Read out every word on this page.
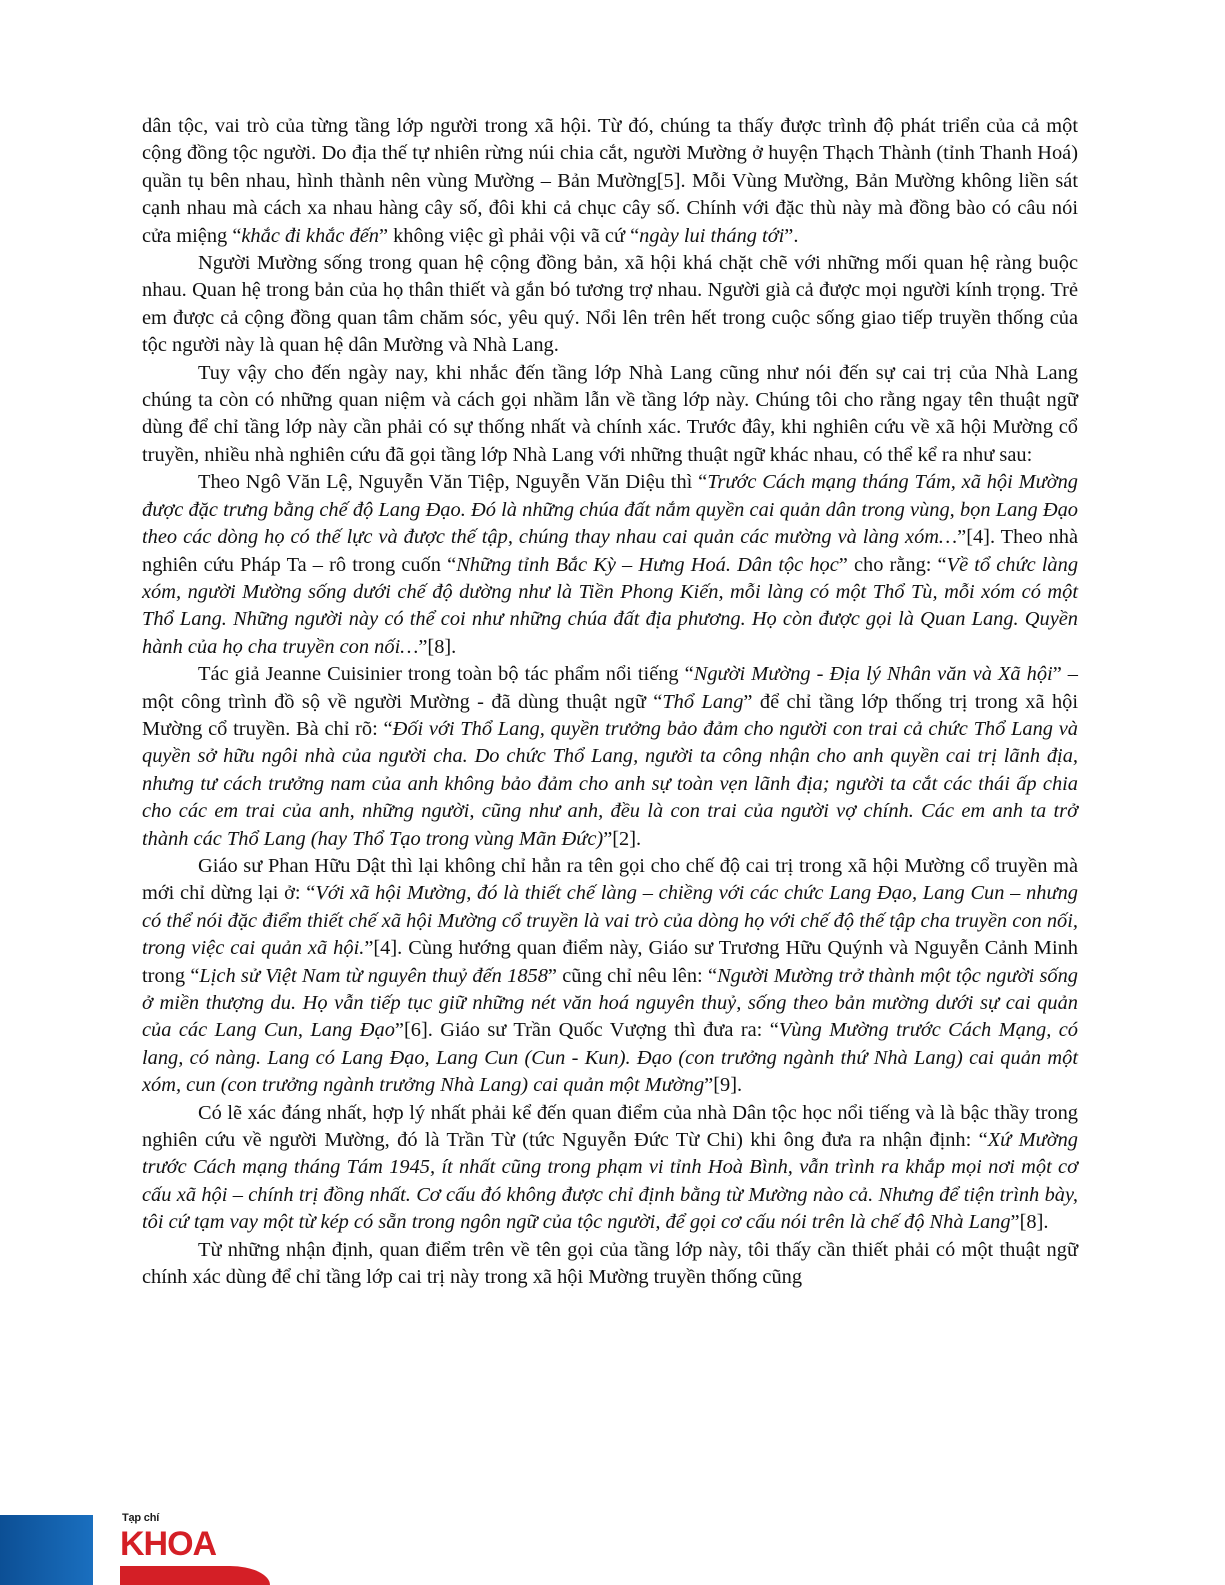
dân tộc, vai trò của từng tầng lớp người trong xã hội. Từ đó, chúng ta thấy được trình độ phát triển của cả một cộng đồng tộc người. Do địa thế tự nhiên rừng núi chia cắt, người Mường ở huyện Thạch Thành (tỉnh Thanh Hoá) quần tụ bên nhau, hình thành nên vùng Mường – Bản Mường[5]. Mỗi Vùng Mường, Bản Mường không liền sát cạnh nhau mà cách xa nhau hàng cây số, đôi khi cả chục cây số. Chính với đặc thù này mà đồng bào có câu nói cửa miệng “khắc đi khắc đến” không việc gì phải vội vã cứ “ngày lui tháng tới”.

Người Mường sống trong quan hệ cộng đồng bản, xã hội khá chặt chẽ với những mối quan hệ ràng buộc nhau. Quan hệ trong bản của họ thân thiết và gắn bó tương trợ nhau. Người già cả được mọi người kính trọng. Trẻ em được cả cộng đồng quan tâm chăm sóc, yêu quý. Nổi lên trên hết trong cuộc sống giao tiếp truyền thống của tộc người này là quan hệ dân Mường và Nhà Lang.

Tuy vậy cho đến ngày nay, khi nhắc đến tầng lớp Nhà Lang cũng như nói đến sự cai trị của Nhà Lang chúng ta còn có những quan niệm và cách gọi nhầm lẫn về tầng lớp này. Chúng tôi cho rằng ngay tên thuật ngữ dùng để chỉ tầng lớp này cần phải có sự thống nhất và chính xác. Trước đây, khi nghiên cứu về xã hội Mường cổ truyền, nhiều nhà nghiên cứu đã gọi tầng lớp Nhà Lang với những thuật ngữ khác nhau, có thể kể ra như sau:

Theo Ngô Văn Lệ, Nguyễn Văn Tiệp, Nguyễn Văn Diệu thì “Trước Cách mạng tháng Tám, xã hội Mường được đặc trưng bằng chế độ Lang Đạo. Đó là những chúa đất nắm quyền cai quản dân trong vùng, bọn Lang Đạo theo các dòng họ có thế lực và được thế tập, chúng thay nhau cai quản các mường và làng xóm…”[4]. Theo nhà nghiên cứu Pháp Ta – rô trong cuốn “Những tỉnh Bắc Kỳ – Hưng Hoá. Dân tộc học” cho rằng: “Về tổ chức làng xóm, người Mường sống dưới chế độ dường như là Tiền Phong Kiến, mỗi làng có một Thổ Tù, mỗi xóm có một Thổ Lang. Những người này có thể coi như những chúa đất địa phương. Họ còn được gọi là Quan Lang. Quyền hành của họ cha truyền con nối…”[8].

Tác giả Jeanne Cuisinier trong toàn bộ tác phẩm nổi tiếng “Người Mường - Địa lý Nhân văn và Xã hội” – một công trình đồ sộ về người Mường - đã dùng thuật ngữ “Thổ Lang” để chỉ tầng lớp thống trị trong xã hội Mường cổ truyền. Bà chỉ rõ: “Đối với Thổ Lang, quyền trưởng bảo đảm cho người con trai cả chức Thổ Lang và quyền sở hữu ngôi nhà của người cha. Do chức Thổ Lang, người ta công nhận cho anh quyền cai trị lãnh địa, nhưng tư cách trưởng nam của anh không bảo đảm cho anh sự toàn vẹn lãnh địa; người ta cắt các thái ấp chia cho các em trai của anh, những người, cũng như anh, đều là con trai của người vợ chính. Các em anh ta trở thành các Thổ Lang (hay Thổ Tạo trong vùng Mãn Đức)”[2].

Giáo sư Phan Hữu Dật thì lại không chỉ hẳn ra tên gọi cho chế độ cai trị trong xã hội Mường cổ truyền mà mới chỉ dừng lại ở: “Với xã hội Mường, đó là thiết chế làng – chiềng với các chức Lang Đạo, Lang Cun – nhưng có thể nói đặc điểm thiết chế xã hội Mường cổ truyền là vai trò của dòng họ với chế độ thế tập cha truyền con nối, trong việc cai quản xã hội.”[4]. Cùng hướng quan điểm này, Giáo sư Trương Hữu Quýnh và Nguyễn Cảnh Minh trong “Lịch sử Việt Nam từ nguyên thuỷ đến 1858” cũng chỉ nêu lên: “Người Mường trở thành một tộc người sống ở miền thượng du. Họ vẫn tiếp tục giữ những nét văn hoá nguyên thuỷ, sống theo bản mường dưới sự cai quản của các Lang Cun, Lang Đạo”[6]. Giáo sư Trần Quốc Vượng thì đưa ra: “Vùng Mường trước Cách Mạng, có lang, có nàng. Lang có Lang Đạo, Lang Cun (Cun - Kun). Đạo (con trưởng ngành thứ Nhà Lang) cai quản một xóm, cun (con trưởng ngành trưởng Nhà Lang) cai quản một Mường”[9].

Có lẽ xác đáng nhất, hợp lý nhất phải kể đến quan điểm của nhà Dân tộc học nổi tiếng và là bậc thầy trong nghiên cứu về người Mường, đó là Trần Từ (tức Nguyễn Đức Từ Chi) khi ông đưa ra nhận định: “Xứ Mường trước Cách mạng tháng Tám 1945, ít nhất cũng trong phạm vi tỉnh Hoà Bình, vẫn trình ra khắp mọi nơi một cơ cấu xã hội – chính trị đồng nhất. Cơ cấu đó không được chỉ định bằng từ Mường nào cả. Nhưng để tiện trình bày, tôi cứ tạm vay một từ kép có sẵn trong ngôn ngữ của tộc người, để gọi cơ cấu nói trên là chế độ Nhà Lang”[8].

Từ những nhận định, quan điểm trên về tên gọi của tầng lớp này, tôi thấy cần thiết phải có một thuật ngữ chính xác dùng để chỉ tầng lớp cai trị này trong xã hội Mường truyền thống cũng

Tạp chí
KHOA
